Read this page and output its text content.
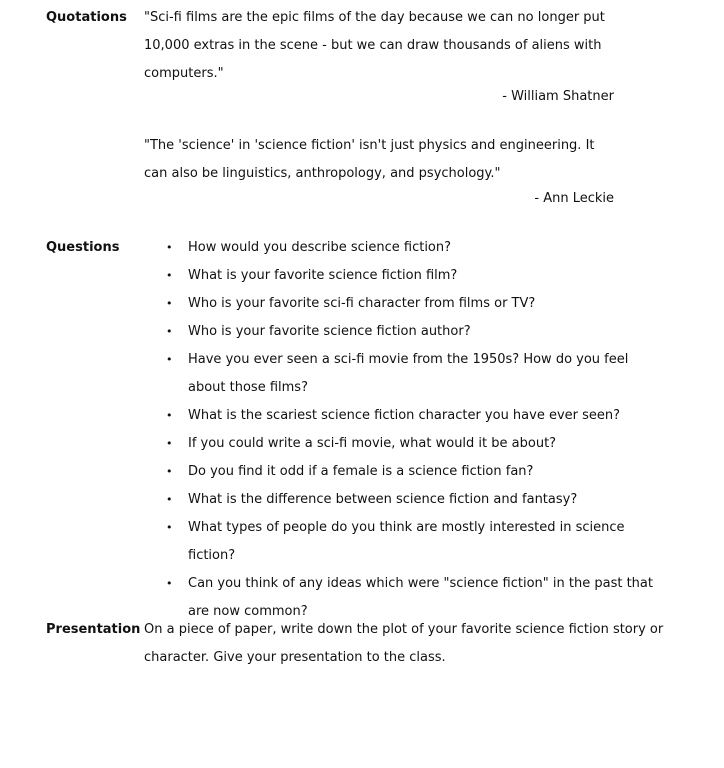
Quotations "Sci-fi films are the epic films of the day because we can no longer put 10,000 extras in the scene - but we can draw thousands of aliens with computers."

- William Shatner

"The 'science' in 'science fiction' isn't just physics and engineering. It can also be linguistics, anthropology, and psychology."

- Ann Leckie

Questions	• How would you describe science fiction?
• What is your favorite science fiction film?
• Who is your favorite sci-fi character from films or TV?
• Who is your favorite science fiction author?
• Have you ever seen a sci-fi movie from the 1950s? How do you feel about those films?
• What is the scariest science fiction character you have ever seen?
• If you could write a sci-fi movie, what would it be about?
• Do you find it odd if a female is a science fiction fan?
• What is the difference between science fiction and fantasy?
• What types of people do you think are mostly interested in science fiction?
• Can you think of any ideas which were "science fiction" in the past that are now common?
Presentation On a piece of paper, write down the plot of your favorite science fiction story or character. Give your presentation to the class.
